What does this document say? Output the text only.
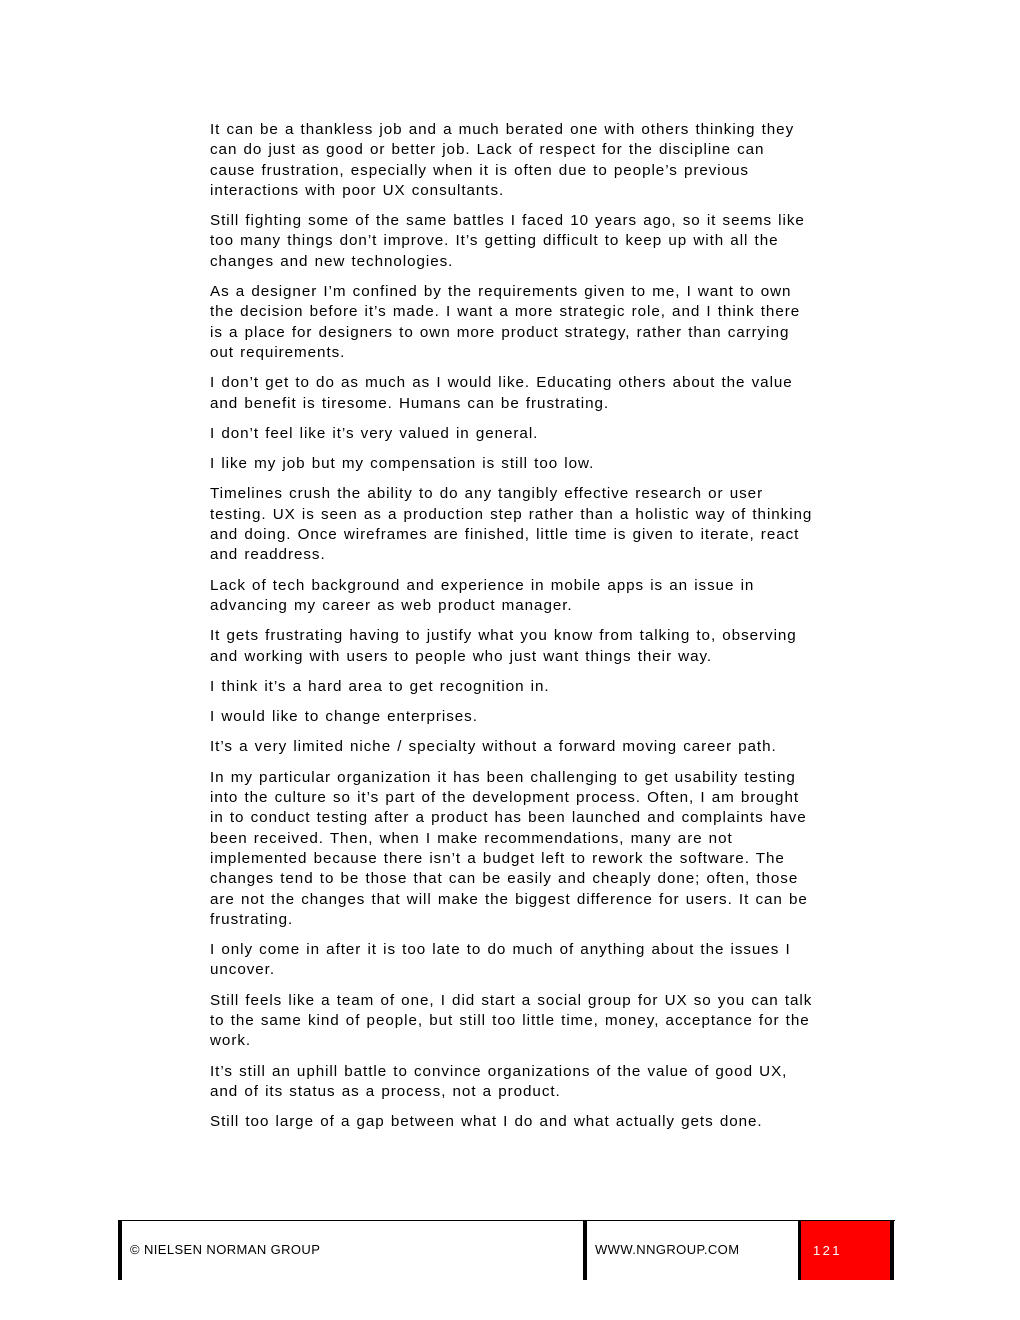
It can be a thankless job and a much berated one with others thinking they can do just as good or better job. Lack of respect for the discipline can cause frustration, especially when it is often due to people’s previous interactions with poor UX consultants.

Still fighting some of the same battles I faced 10 years ago, so it seems like too many things don’t improve. It’s getting difficult to keep up with all the changes and new technologies.

As a designer I’m confined by the requirements given to me, I want to own the decision before it’s made. I want a more strategic role, and I think there is a place for designers to own more product strategy, rather than carrying out requirements.

I don’t get to do as much as I would like. Educating others about the value and benefit is tiresome. Humans can be frustrating.

I don’t feel like it’s very valued in general.

I like my job but my compensation is still too low.

Timelines crush the ability to do any tangibly effective research or user testing. UX is seen as a production step rather than a holistic way of thinking and doing. Once wireframes are finished, little time is given to iterate, react and readdress.

Lack of tech background and experience in mobile apps is an issue in advancing my career as web product manager.

It gets frustrating having to justify what you know from talking to, observing and working with users to people who just want things their way.

I think it’s a hard area to get recognition in.

I would like to change enterprises.

It’s a very limited niche / specialty without a forward moving career path.

In my particular organization it has been challenging to get usability testing into the culture so it’s part of the development process. Often, I am brought in to conduct testing after a product has been launched and complaints have been received. Then, when I make recommendations, many are not implemented because there isn’t a budget left to rework the software. The changes tend to be those that can be easily and cheaply done; often, those are not the changes that will make the biggest difference for users. It can be frustrating.

I only come in after it is too late to do much of anything about the issues I uncover.

Still feels like a team of one, I did start a social group for UX so you can talk to the same kind of people, but still too little time, money, acceptance for the work.

It’s still an uphill battle to convince organizations of the value of good UX, and of its status as a process, not a product.

Still too large of a gap between what I do and what actually gets done.

© NIELSEN NORMAN GROUP	WWW.NNGROUP.COM	121
